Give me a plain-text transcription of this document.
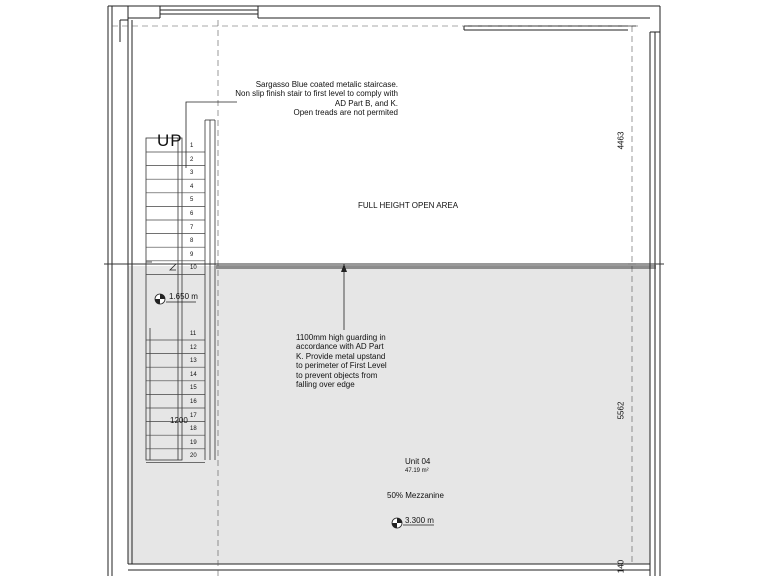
Sargasso Blue coated metalic staircase.
Non slip finish stair to first level to comply with
AD Part B, and K.
Open treads are not permited
UP
FULL HEIGHT OPEN AREA
1100mm high guarding in
accordance with AD Part
K. Provide metal upstand
to perimeter of First Level
to prevent objects from
falling over edge
1.650 m
3.300 m
1200
Unit 04
47.19 m²
50% Mezzanine
4463
5562
140
1
2
3
4
5
6
7
8
9
10
11
12
13
14
15
16
17
18
19
20
